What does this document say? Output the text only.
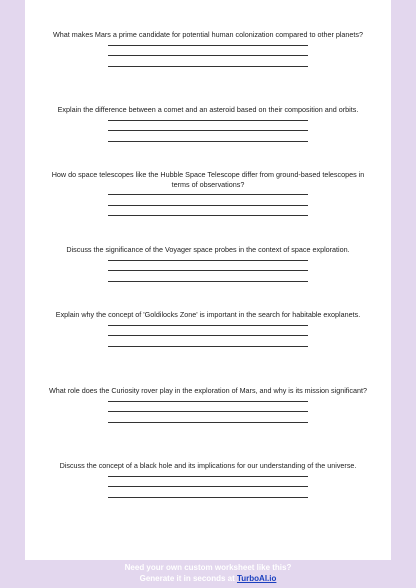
What makes Mars a prime candidate for potential human colonization compared to other planets?

Explain the difference between a comet and an asteroid based on their composition and orbits.

How do space telescopes like the Hubble Space Telescope differ from ground-based telescopes in terms of observations?

Discuss the significance of the Voyager space probes in the context of space exploration.

Explain why the concept of 'Goldilocks Zone' is important in the search for habitable exoplanets.

What role does the Curiosity rover play in the exploration of Mars, and why is its mission significant?

Discuss the concept of a black hole and its implications for our understanding of the universe.

Need your own custom worksheet like this?
Generate it in seconds at TurboAI.io
